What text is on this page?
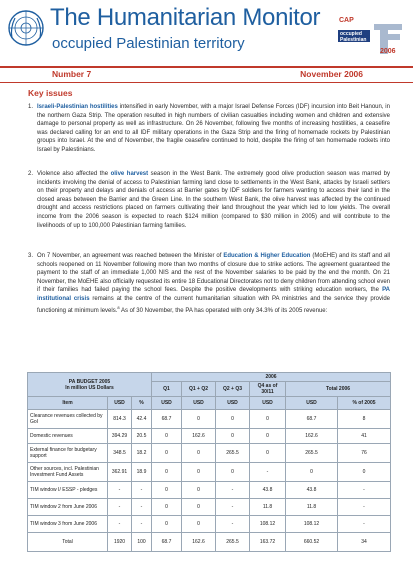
The Humanitarian Monitor
occupied Palestinian territory
CAP
occupied
Palestinian
2006
Number 7	November 2006
Key issues
1. Israeli-Palestinian hostilities intensified in early November, with a major Israel Defense Forces (IDF) incursion into Beit Hanoun, in the northern Gaza Strip. The operation resulted in high numbers of civilian casualties including women and children and extensive damage to personal property as well as infrastructure. On 26 November, following five months of increasing hostilities, a ceasefire was declared calling for an end to all IDF military operations in the Gaza Strip and the firing of homemade rockets by Palestinian groups into Israel. At the end of November, the fragile ceasefire continued to hold, despite the firing of ten homemade rockets into Israel by Palestinians.
2. Violence also affected the olive harvest season in the West Bank. The extremely good olive production season was marred by incidents involving the denial of access to Palestinian farming land close to settlements in the West Bank, attacks by Israeli settlers on their property and delays and denials of access at Barrier gates by IDF soldiers for farmers wanting to access their land in the closed areas between the Barrier and the Green Line. In the southern West Bank, the olive harvest was affected by the continued drought and access restrictions placed on farmers cultivating their land throughout the year which led to low yields. The overall income from the 2006 season is expected to reach $124 million (compared to $30 million in 2005) and will contribute to the livelihoods of up to 100,000 Palestinian farming families.
3. On 7 November, an agreement was reached between the Minister of Education & Higher Education (MoEHE) and its staff and all schools reopened on 11 November following more than two months of closure due to strike actions. The agreement guaranteed the payment to the staff of an immediate 1,000 NIS and the rest of the November salaries to be paid by the end the month. On 21 November, the MoEHE also officially requested its entire 18 Educational Directorates not to deny children from attending school even if their families had failed paying the school fees. Despite the positive developments with striking education workers, the PA institutional crisis remains at the centre of the current humanitarian situation with PA ministries and the service they provide functioning at minimum levels.$^8$ As of 30 November, the PA has operated with only 34.3% of its 2005 revenue:
PA BUDGET 2005
In million US Dollars			2006					
			Q1	Q1 + Q2	Q2 + Q3	Q4 as of 30/11	Total 2006	
Item	USD	%	USD	USD	USD	USD	USD	% of 2005
Clearance revenues collected by GoI	814.3	42.4	68.7	0	0	0	68.7	8
Domestic revenues	394.29	20.5	0	162.6	0	0	162.6	41
External finance for budgetary support	348.5	18.2	0	0	265.5	0	265.5	76
Other sources, incl. Palestinian Investment Fund Assets	362.91	18.9	0	0	0	-	0	0
TIM window I/ ESSP - pledges	-	-	0	0	-	43.8	43.8	-
TIM window 2 from June 2006	-	-	0	0	-	11.8	11.8	-
TIM window 3 from June 2006	-	-	0	0	-	108.12	108.12	-
Total	1920	100	68.7	162.6	265.5	163.72	660.52	34
